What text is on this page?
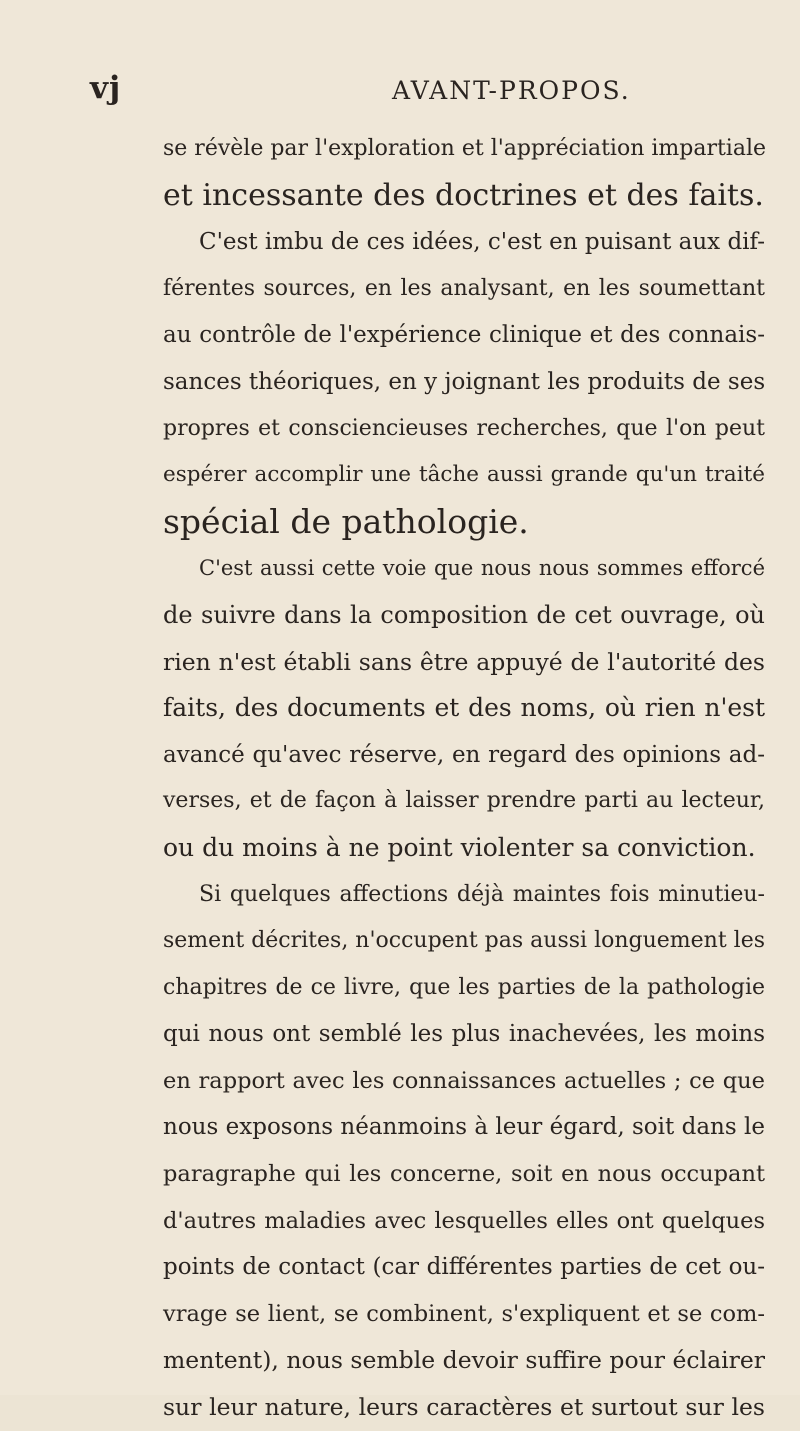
vj	AVANT-PROPOS.
se révèle par l'exploration et l'appréciation impartiale
et incessante des doctrines et des faits.
C'est imbu de ces idées, c'est en puisant aux dif-
férentes sources, en les analysant, en les soumettant
au contrôle de l'expérience clinique et des connais-
sances théoriques, en y joignant les produits de ses
propres et consciencieuses recherches, que l'on peut
espérer accomplir une tâche aussi grande qu'un traité
spécial de pathologie.
C'est aussi cette voie que nous nous sommes efforcé
de suivre dans la composition de cet ouvrage, où
rien n'est établi sans être appuyé de l'autorité des
faits, des documents et des noms, où rien n'est
avancé qu'avec réserve, en regard des opinions ad-
verses, et de façon à laisser prendre parti au lecteur,
ou du moins à ne point violenter sa conviction.
Si quelques affections déjà maintes fois minutieu-
sement décrites, n'occupent pas aussi longuement les
chapitres de ce livre, que les parties de la pathologie
qui nous ont semblé les plus inachevées, les moins
en rapport avec les connaissances actuelles ; ce que
nous exposons néanmoins à leur égard, soit dans le
paragraphe qui les concerne, soit en nous occupant
d'autres maladies avec lesquelles elles ont quelques
points de contact (car différentes parties de cet ou-
vrage se lient, se combinent, s'expliquent et se com-
mentent), nous semble devoir suffire pour éclairer
sur leur nature, leurs caractères et surtout sur les
